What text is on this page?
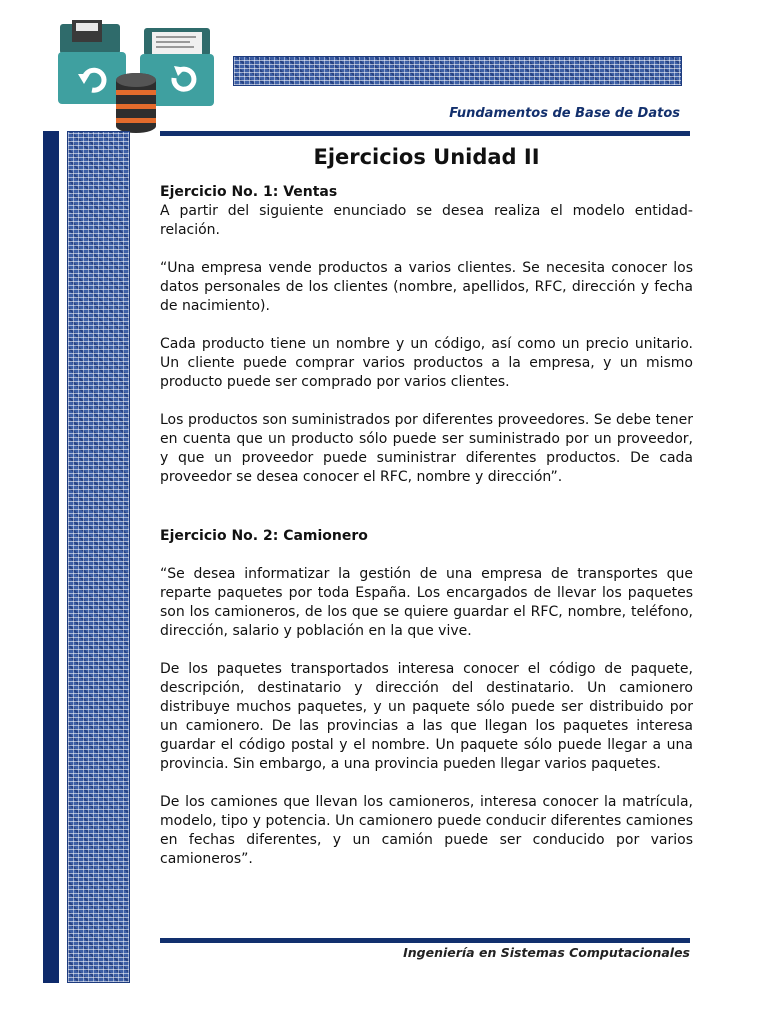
Fundamentos de Base de Datos
Ejercicios Unidad II

Ejercicio No. 1: Ventas

A partir del siguiente enunciado se desea realiza el modelo entidad-relación.

“Una empresa vende productos a varios clientes. Se necesita conocer los datos personales de los clientes (nombre, apellidos, RFC, dirección y fecha de nacimiento).

Cada producto tiene un nombre y un código, así como un precio unitario. Un cliente puede comprar varios productos a la empresa, y un mismo producto puede ser comprado por varios clientes.

Los productos son suministrados por diferentes proveedores. Se debe tener en cuenta que un producto sólo puede ser suministrado por un proveedor, y que un proveedor puede suministrar diferentes productos. De cada proveedor se desea conocer el RFC, nombre y dirección”.

Ejercicio No. 2: Camionero

“Se desea informatizar la gestión de una empresa de transportes que reparte paquetes por toda España. Los encargados de llevar los paquetes son los camioneros, de los que se quiere guardar el RFC, nombre, teléfono, dirección, salario y población en la que vive.

De los paquetes transportados interesa conocer el código de paquete, descripción, destinatario y dirección del destinatario. Un camionero distribuye muchos paquetes, y un paquete sólo puede ser distribuido por un camionero. De las provincias a las que llegan los paquetes interesa guardar el código postal y el nombre. Un paquete sólo puede llegar a una provincia. Sin embargo, a una provincia pueden llegar varios paquetes.

De los camiones que llevan los camioneros, interesa conocer la matrícula, modelo, tipo y potencia. Un camionero puede conducir diferentes camiones en fechas diferentes, y un camión puede ser conducido por varios camioneros”.

Ingeniería en Sistemas Computacionales
